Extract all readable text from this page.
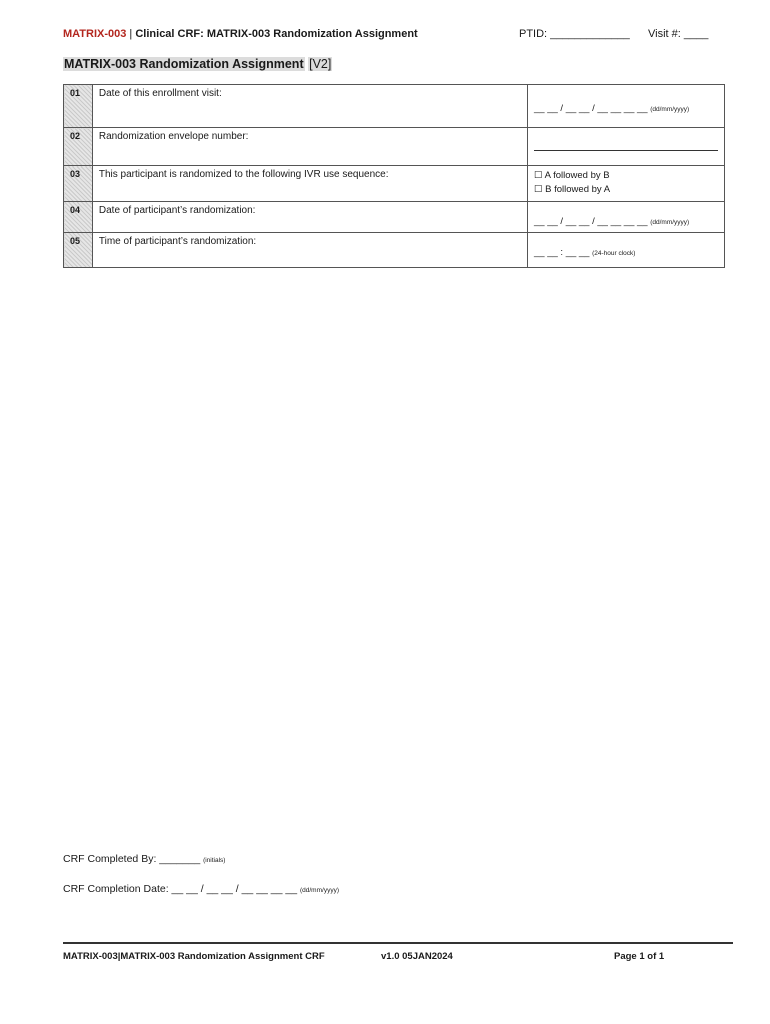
MATRIX-003 | Clinical CRF: MATRIX-003 Randomization Assignment	PTID: _____________ Visit #: ____
MATRIX-003 Randomization Assignment [V2]
01	Date of this enrollment visit:	__ __ / __ __ / __ __ __ __ (dd/mm/yyyy)
02	Randomization envelope number:	
03	This participant is randomized to the following IVR use sequence:	☐ A followed by B
☐ B followed by A

04	Date of participant’s randomization:	__ __ / __ __ / __ __ __ __ (dd/mm/yyyy)
05	Time of participant’s randomization:	__ __ : __ __ (24-hour clock)
CRF Completed By: _______ (initials)
CRF Completion Date: __ __ / __ __ / __ __ __ __ (dd/mm/yyyy)
MATRIX-003|MATRIX-003 Randomization Assignment CRF	v1.0 05JAN2024	Page 1 of 1
